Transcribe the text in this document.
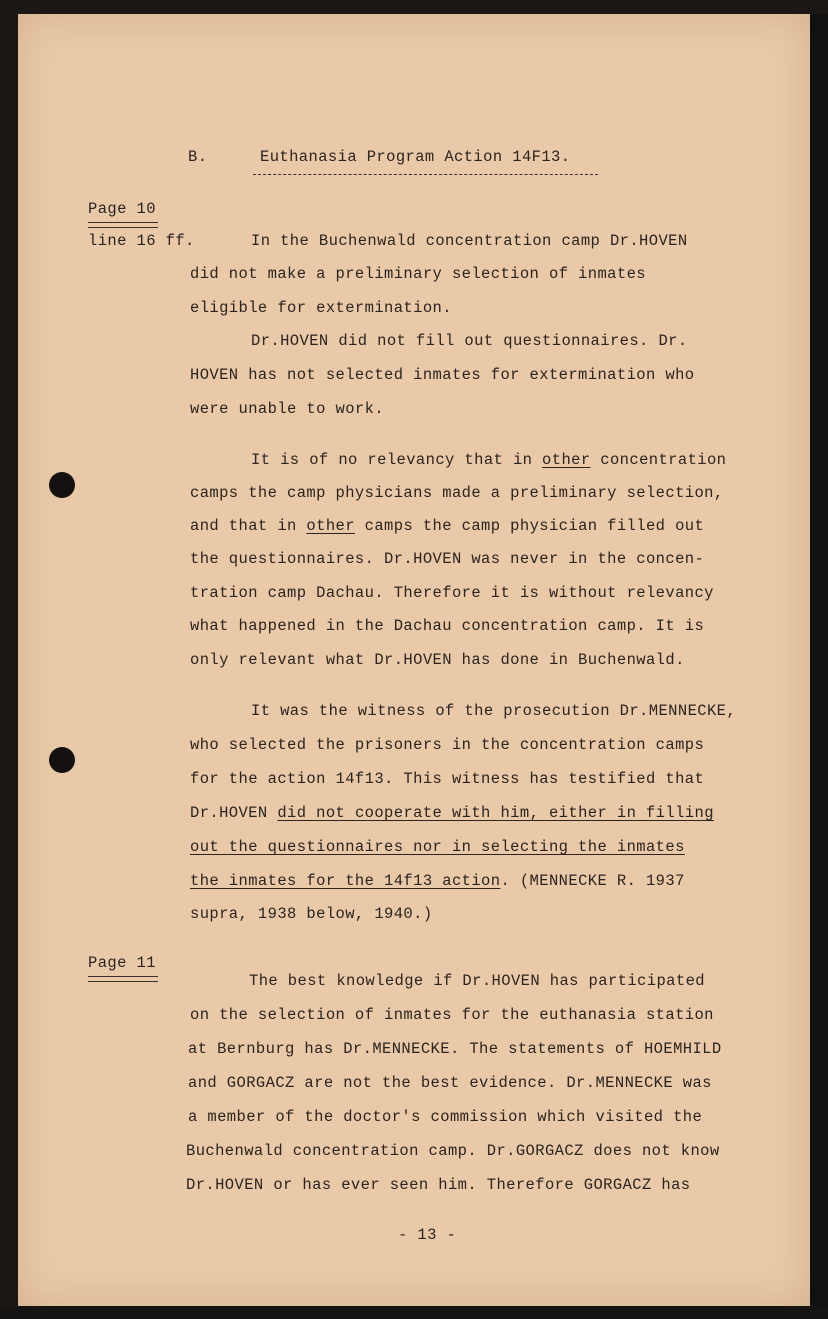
B.	Euthanasia Program Action 14F13.
Page 10
line 16 ff.	In the Buchenwald concentration camp Dr.HOVEN
did not make a preliminary selection of inmates
eligible for extermination.
Dr.HOVEN did not fill out questionnaires. Dr.
HOVEN has not selected inmates for extermination who
were unable to work.
It is of no relevancy that in other concentration
camps the camp physicians made a preliminary selection,
and that in other camps the camp physician filled out
the questionnaires. Dr.HOVEN was never in the concen-
tration camp Dachau. Therefore it is without relevancy
what happened in the Dachau concentration camp. It is
only relevant what Dr.HOVEN has done in Buchenwald.
It was the witness of the prosecution Dr.MENNECKE,
who selected the prisoners in the concentration camps
for the action 14f13. This witness has testified that
Dr.HOVEN did not cooperate with him, either in filling
out the questionnaires nor in selecting the inmates
the inmates for the 14f13 action. (MENNECKE R. 1937
supra, 1938 below, 1940.)
Page 11
The best knowledge if Dr.HOVEN has participated
on the selection of inmates for the euthanasia station
at Bernburg has Dr.MENNECKE. The statements of HOEMHILD
and GORGACZ are not the best evidence. Dr.MENNECKE was
a member of the doctor's commission which visited the
Buchenwald concentration camp. Dr.GORGACZ does not know
Dr.HOVEN or has ever seen him. Therefore GORGACZ has
- 13 -
